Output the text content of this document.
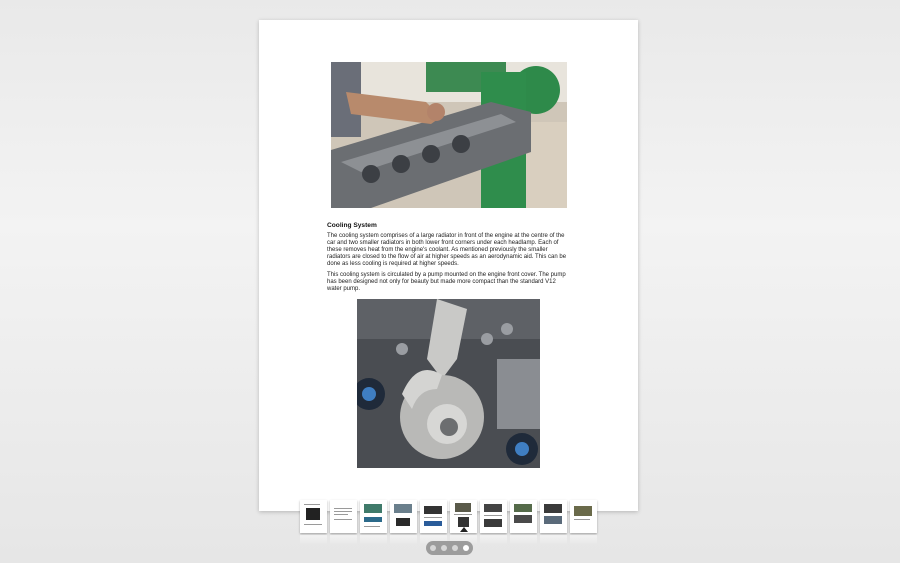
Cooling System

The cooling system comprises of a large radiator in front of the engine at the centre of the car and two smaller radiators in both lower front corners under each headlamp. Each of these removes heat from the engine's coolant. As mentioned previously the smaller radiators are closed to the flow of air at higher speeds as an aerodynamic aid. This can be done as less cooling is required at higher speeds.

This cooling system is circulated by a pump mounted on the engine front cover. The pump has been designed not only for beauty but made more compact than the standard V12 water pump.
